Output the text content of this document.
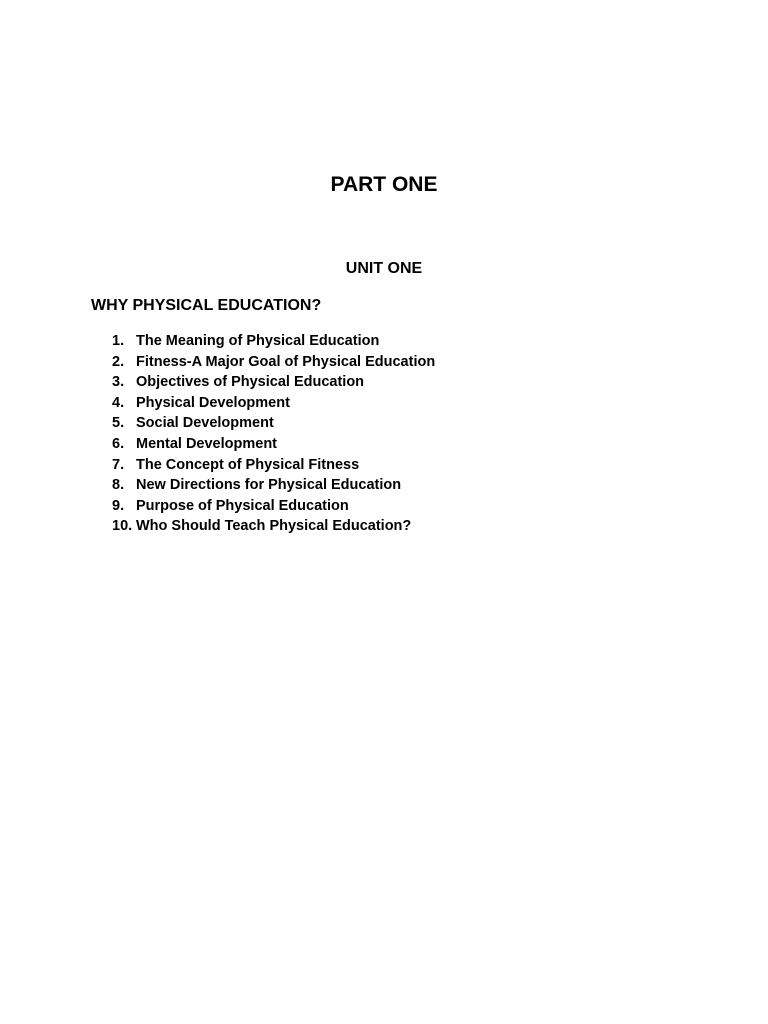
PART ONE
UNIT ONE
WHY PHYSICAL EDUCATION?
1. The Meaning of Physical Education
2. Fitness-A Major Goal of Physical Education
3. Objectives of Physical Education
4. Physical Development
5. Social Development
6. Mental Development
7. The Concept of Physical Fitness
8. New Directions for Physical Education
9. Purpose of Physical Education
10. Who Should Teach Physical Education?
